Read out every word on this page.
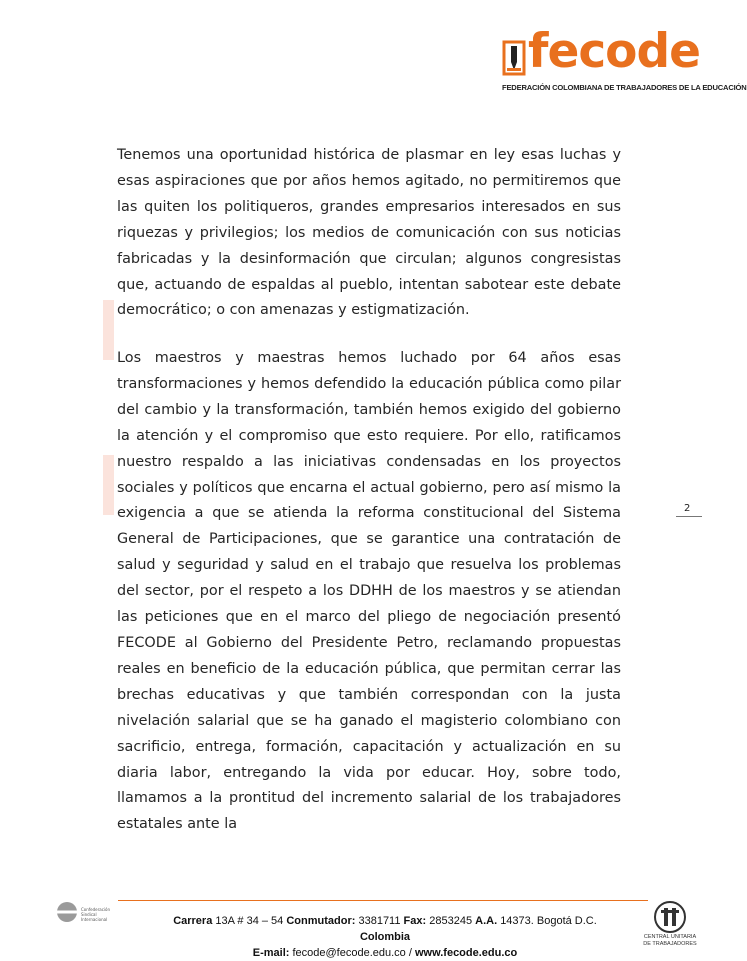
fecode
FEDERACIÓN COLOMBIANA DE TRABAJADORES DE LA EDUCACIÓN

Tenemos una oportunidad histórica de plasmar en ley esas luchas y esas aspiraciones que por años hemos agitado, no permitiremos que las quiten los politiqueros, grandes empresarios interesados en sus riquezas y privilegios; los medios de comunicación con sus noticias fabricadas y la desinformación que circulan; algunos congresistas que, actuando de espaldas al pueblo, intentan sabotear este debate democrático; o con amenazas y estigmatización.

Los maestros y maestras hemos luchado por 64 años esas transformaciones y hemos defendido la educación pública como pilar del cambio y la transformación, también hemos exigido del gobierno la atención y el compromiso que esto requiere. Por ello, ratificamos nuestro respaldo a las iniciativas condensadas en los proyectos sociales y políticos que encarna el actual gobierno, pero así mismo la exigencia a que se atienda la reforma constitucional del Sistema General de Participaciones, que se garantice una contratación de salud y seguridad y salud en el trabajo que resuelva los problemas del sector, por el respeto a los DDHH de los maestros y se atiendan las peticiones que en el marco del pliego de negociación presentó FECODE al Gobierno del Presidente Petro, reclamando propuestas reales en beneficio de la educación pública, que permitan cerrar las brechas educativas y que también correspondan con la justa nivelación salarial que se ha ganado el magisterio colombiano con sacrificio, entrega, formación, capacitación y actualización en su diaria labor, entregando la vida por educar. Hoy, sobre todo, llamamos a la prontitud del incremento salarial de los trabajadores estatales ante la

2
Confederación Sindical Internacional	Carrera 13A # 34 – 54 Conmutador: 3381711 Fax: 2853245 A.A. 14373. Bogotá D.C. Colombia
E-mail: fecode@fecode.edu.co / www.fecode.edu.co
CENTRAL UNITARIA DE TRABAJADORES
